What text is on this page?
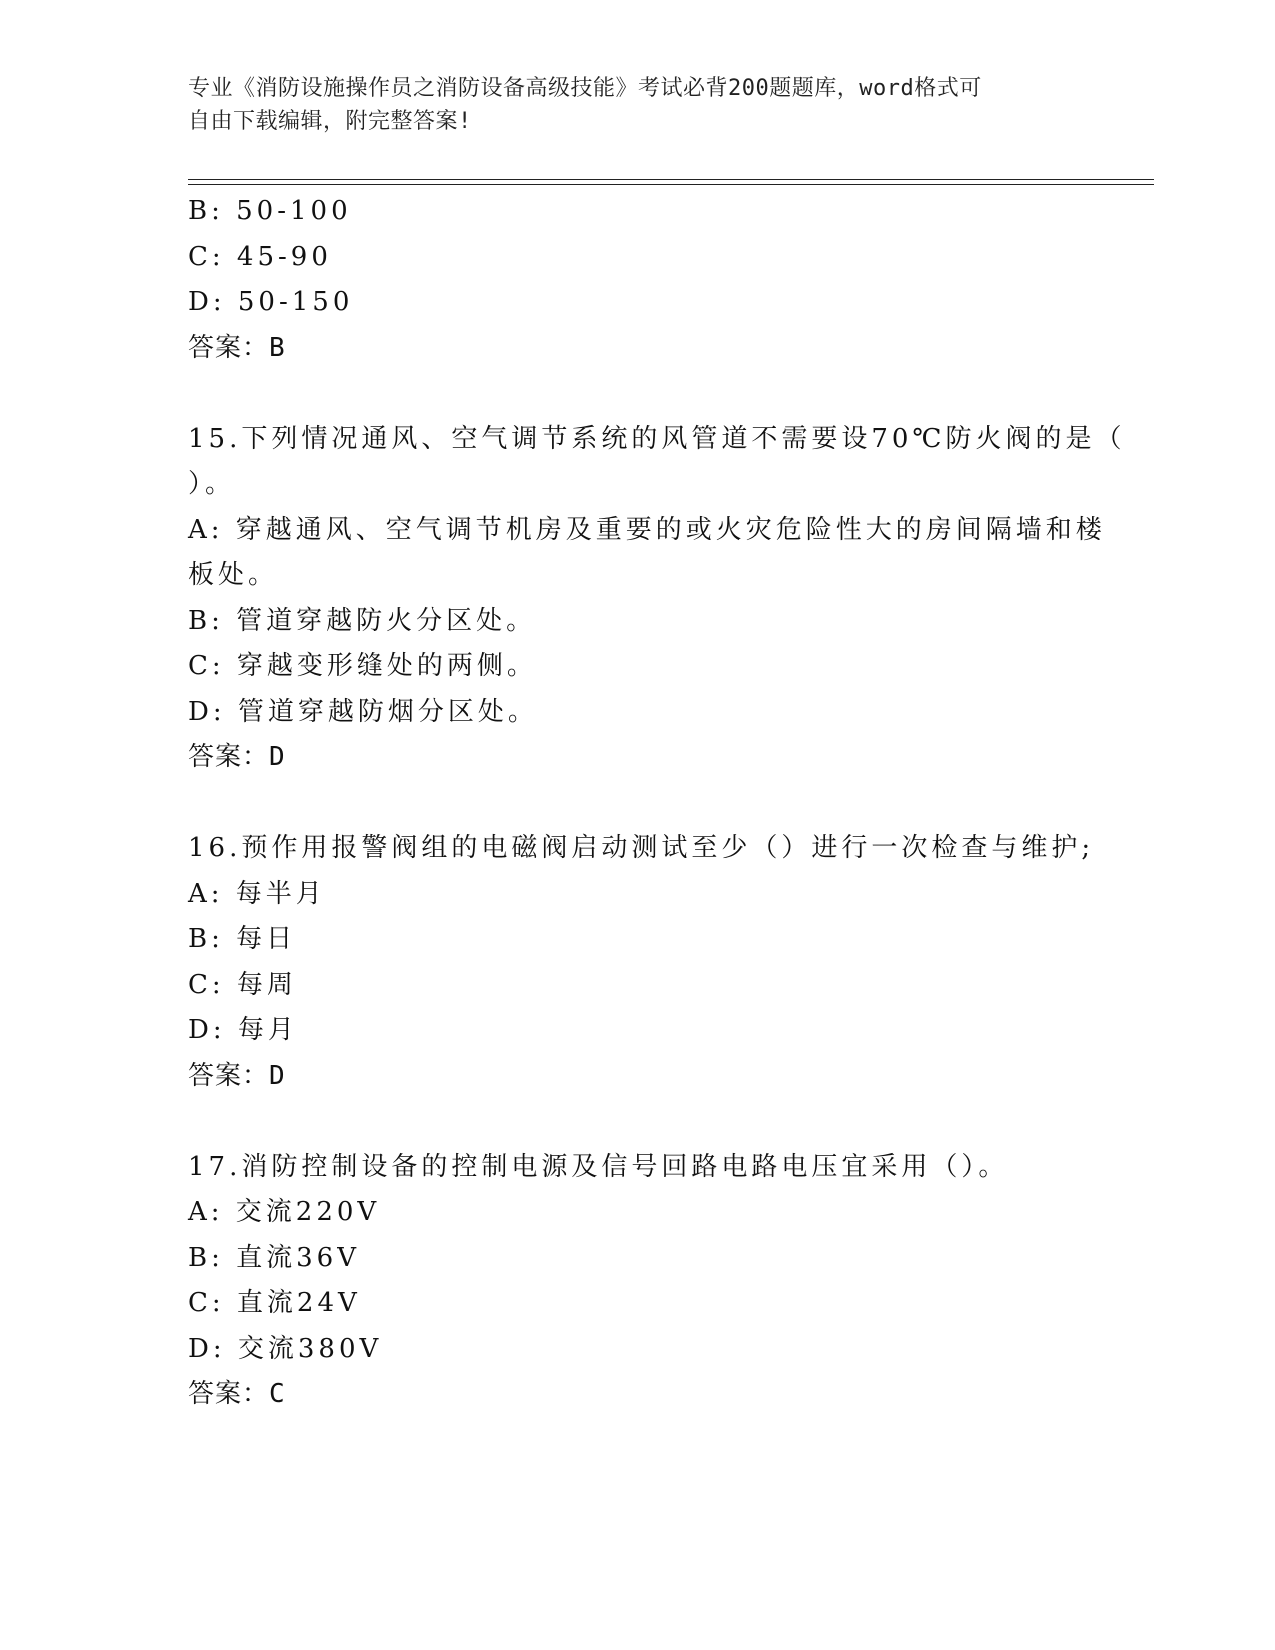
专业《消防设施操作员之消防设备高级技能》考试必背200题题库，word格式可
自由下载编辑，附完整答案!
B: 50-100
C: 45-90
D: 50-150
答案：B
15.下列情况通风、空气调节系统的风管道不需要设70℃防火阀的是（
）。
A: 穿越通风、空气调节机房及重要的或火灾危险性大的房间隔墙和楼
板处。
B: 管道穿越防火分区处。
C: 穿越变形缝处的两侧。
D: 管道穿越防烟分区处。
答案：D
16.预作用报警阀组的电磁阀启动测试至少（）进行一次检查与维护;
A: 每半月
B: 每日
C: 每周
D: 每月
答案：D
17.消防控制设备的控制电源及信号回路电路电压宜采用（）。
A: 交流220V
B: 直流36V
C: 直流24V
D: 交流380V
答案：C
